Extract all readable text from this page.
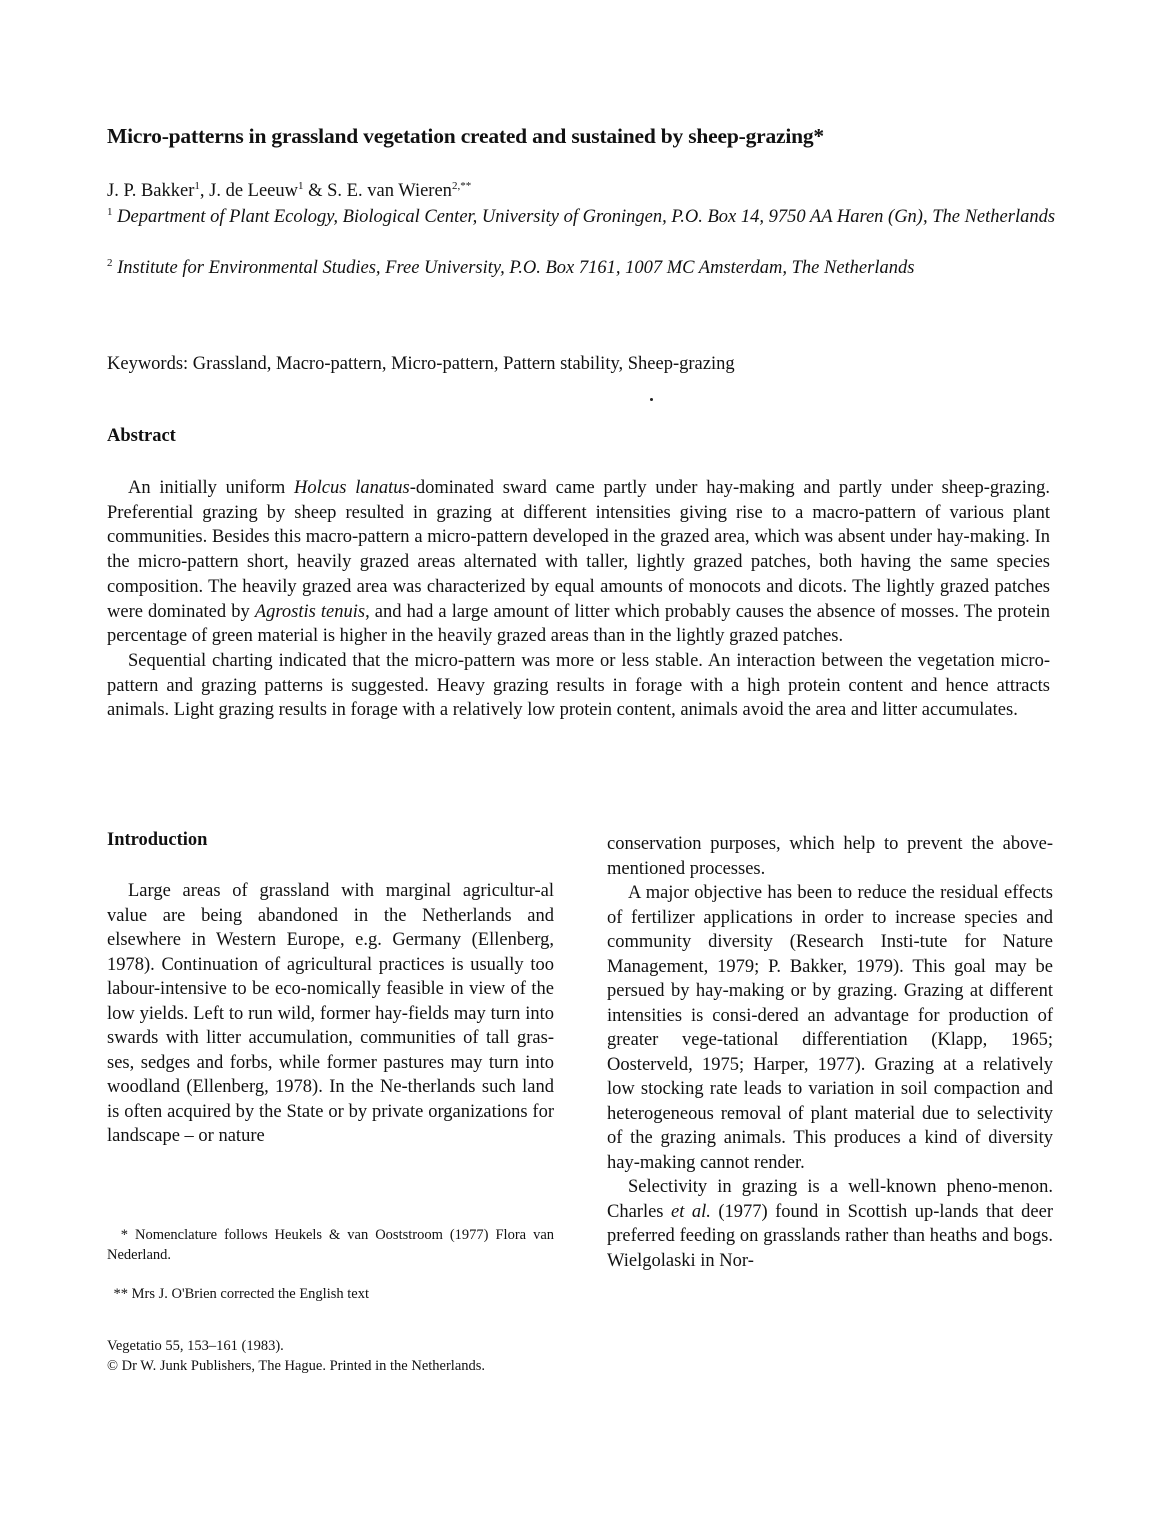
Micro-patterns in grassland vegetation created and sustained by sheep-grazing*
J. P. Bakker$^1$, J. de Leeuw$^1$ & S. E. van Wieren$^{2,**}$
$^1$ Department of Plant Ecology, Biological Center, University of Groningen, P.O. Box 14, 9750 AA Haren (Gn), The Netherlands
$^2$ Institute for Environmental Studies, Free University, P.O. Box 7161, 1007 MC Amsterdam, The Netherlands
Keywords: Grassland, Macro-pattern, Micro-pattern, Pattern stability, Sheep-grazing
Abstract

An initially uniform Holcus lanatus-dominated sward came partly under hay-making and partly under sheep-grazing. Preferential grazing by sheep resulted in grazing at different intensities giving rise to a macro-pattern of various plant communities. Besides this macro-pattern a micro-pattern developed in the grazed area, which was absent under hay-making. In the micro-pattern short, heavily grazed areas alternated with taller, lightly grazed patches, both having the same species composition. The heavily grazed area was characterized by equal amounts of monocots and dicots. The lightly grazed patches were dominated by Agrostis tenuis, and had a large amount of litter which probably causes the absence of mosses. The protein percentage of green material is higher in the heavily grazed areas than in the lightly grazed patches.

Sequential charting indicated that the micro-pattern was more or less stable. An interaction between the vegetation micro-pattern and grazing patterns is suggested. Heavy grazing results in forage with a high protein content and hence attracts animals. Light grazing results in forage with a relatively low protein content, animals avoid the area and litter accumulates.

Introduction

Large areas of grassland with marginal agricultur-al value are being abandoned in the Netherlands and elsewhere in Western Europe, e.g. Germany (Ellenberg, 1978). Continuation of agricultural practices is usually too labour-intensive to be eco-nomically feasible in view of the low yields. Left to run wild, former hay-fields may turn into swards with litter accumulation, communities of tall gras-ses, sedges and forbs, while former pastures may turn into woodland (Ellenberg, 1978). In the Ne-therlands such land is often acquired by the State or by private organizations for landscape – or nature

* Nomenclature follows Heukels & van Ooststroom (1977) Flora van Nederland.
** Mrs J. O'Brien corrected the English text
Vegetatio 55, 153–161 (1983).
© Dr W. Junk Publishers, The Hague. Printed in the Netherlands.

conservation purposes, which help to prevent the above-mentioned processes.

A major objective has been to reduce the residual effects of fertilizer applications in order to increase species and community diversity (Research Insti-tute for Nature Management, 1979; P. Bakker, 1979). This goal may be persued by hay-making or by grazing. Grazing at different intensities is consi-dered an advantage for production of greater vege-tational differentiation (Klapp, 1965; Oosterveld, 1975; Harper, 1977). Grazing at a relatively low stocking rate leads to variation in soil compaction and heterogeneous removal of plant material due to selectivity of the grazing animals. This produces a kind of diversity hay-making cannot render.

Selectivity in grazing is a well-known pheno-menon. Charles et al. (1977) found in Scottish up-lands that deer preferred feeding on grasslands rather than heaths and bogs. Wielgolaski in Nor-
